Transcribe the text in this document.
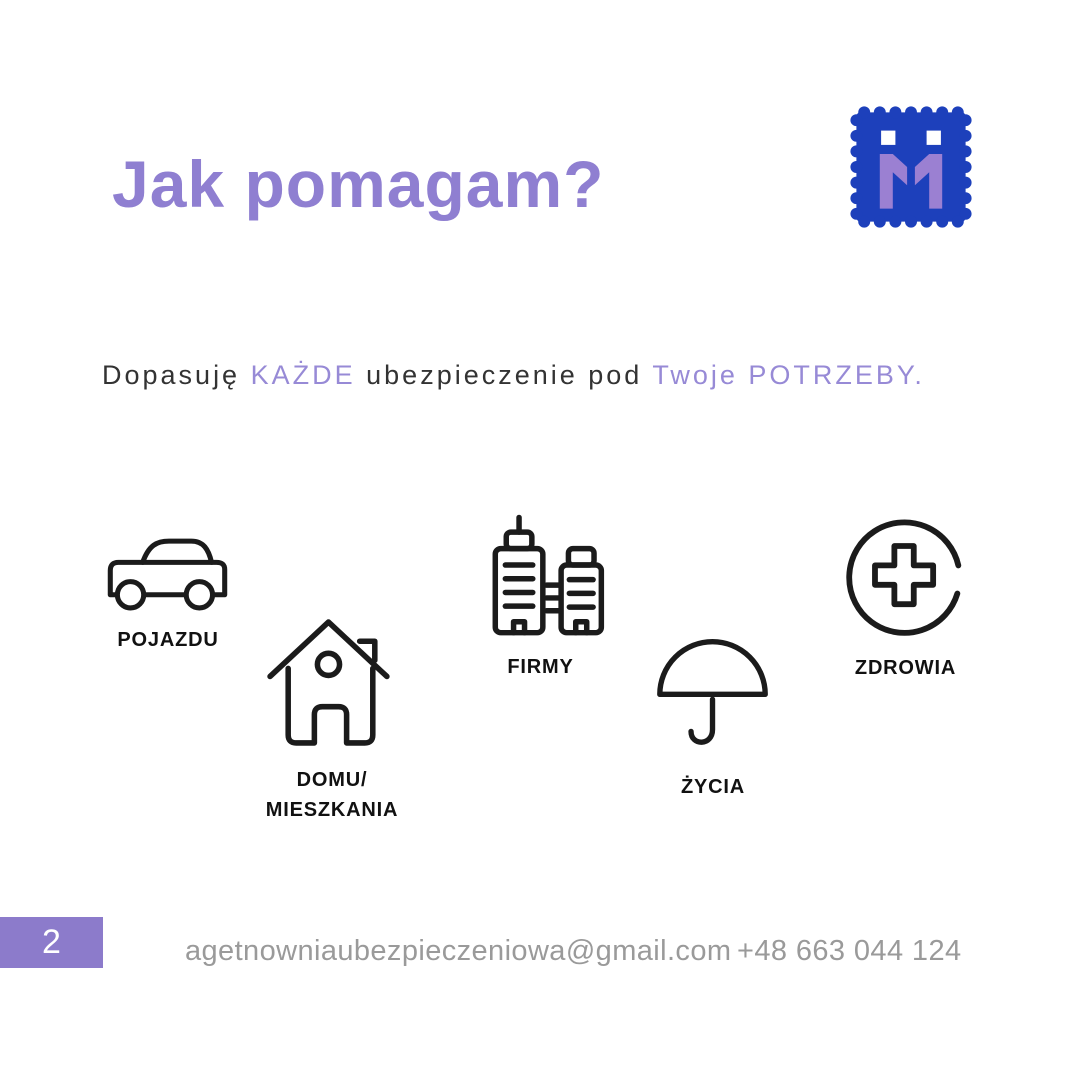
Jak pomagam?
Dopasuję KAŻDE ubezpieczenie pod Twoje POTRZEBY.
POJAZDU
DOMU/
MIESZKANIA
FIRMY
ŻYCIA
ZDROWIA
2	agetnowniaubezpieczeniowa@gmail.com +48 663 044 124
